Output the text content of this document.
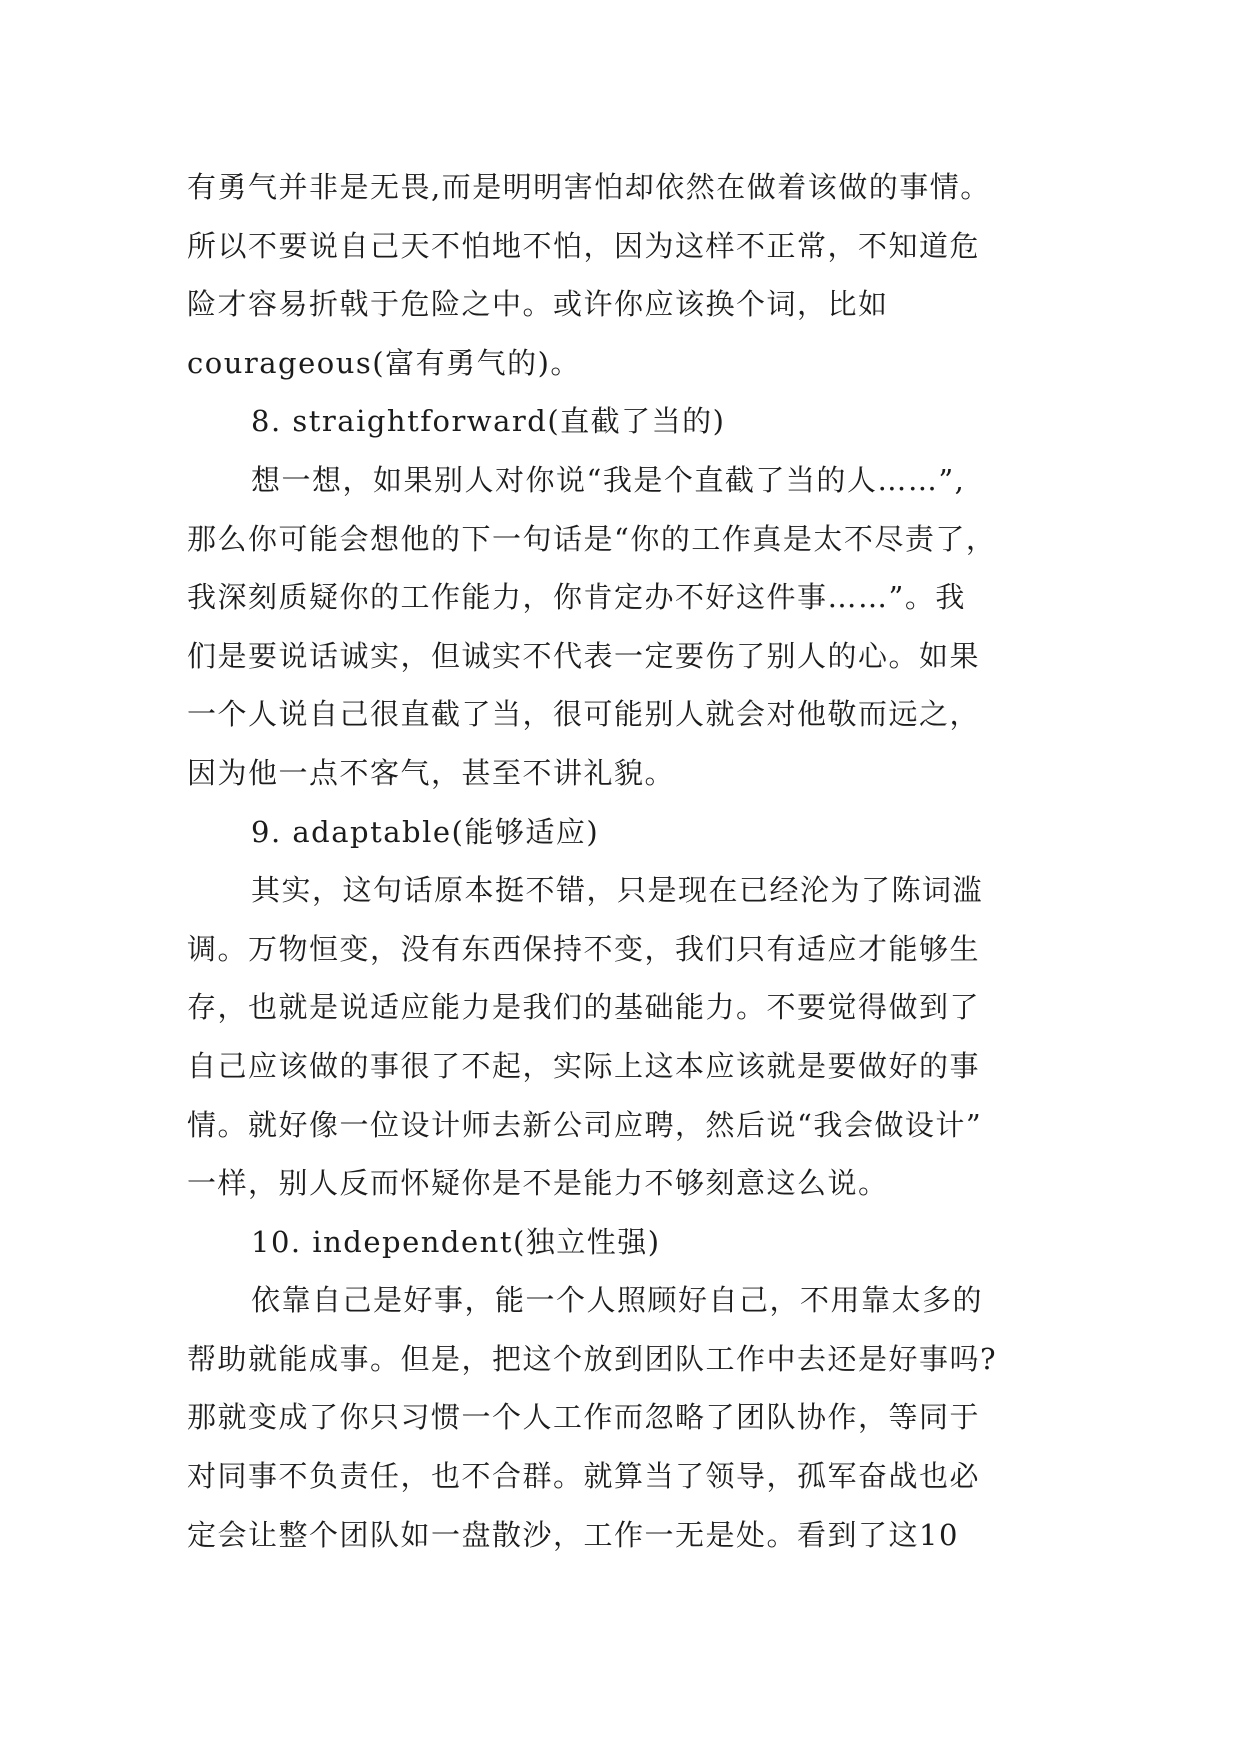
有勇气并非是无畏,而是明明害怕却依然在做着该做的事情。
所以不要说自己天不怕地不怕，因为这样不正常，不知道危
险才容易折戟于危险之中。或许你应该换个词，比如
courageous(富有勇气的)。
8. straightforward(直截了当的)
想一想，如果别人对你说“我是个直截了当的人……”,
那么你可能会想他的下一句话是“你的工作真是太不尽责了，
我深刻质疑你的工作能力，你肯定办不好这件事……”。我
们是要说话诚实，但诚实不代表一定要伤了别人的心。如果
一个人说自己很直截了当，很可能别人就会对他敬而远之，
因为他一点不客气，甚至不讲礼貌。
9. adaptable(能够适应)
其实，这句话原本挺不错，只是现在已经沦为了陈词滥
调。万物恒变，没有东西保持不变，我们只有适应才能够生
存，也就是说适应能力是我们的基础能力。不要觉得做到了
自己应该做的事很了不起，实际上这本应该就是要做好的事
情。就好像一位设计师去新公司应聘，然后说“我会做设计”
一样，别人反而怀疑你是不是能力不够刻意这么说。
10. independent(独立性强)
依靠自己是好事，能一个人照顾好自己，不用靠太多的
帮助就能成事。但是，把这个放到团队工作中去还是好事吗?
那就变成了你只习惯一个人工作而忽略了团队协作，等同于
对同事不负责任，也不合群。就算当了领导，孤军奋战也必
定会让整个团队如一盘散沙，工作一无是处。看到了这10
